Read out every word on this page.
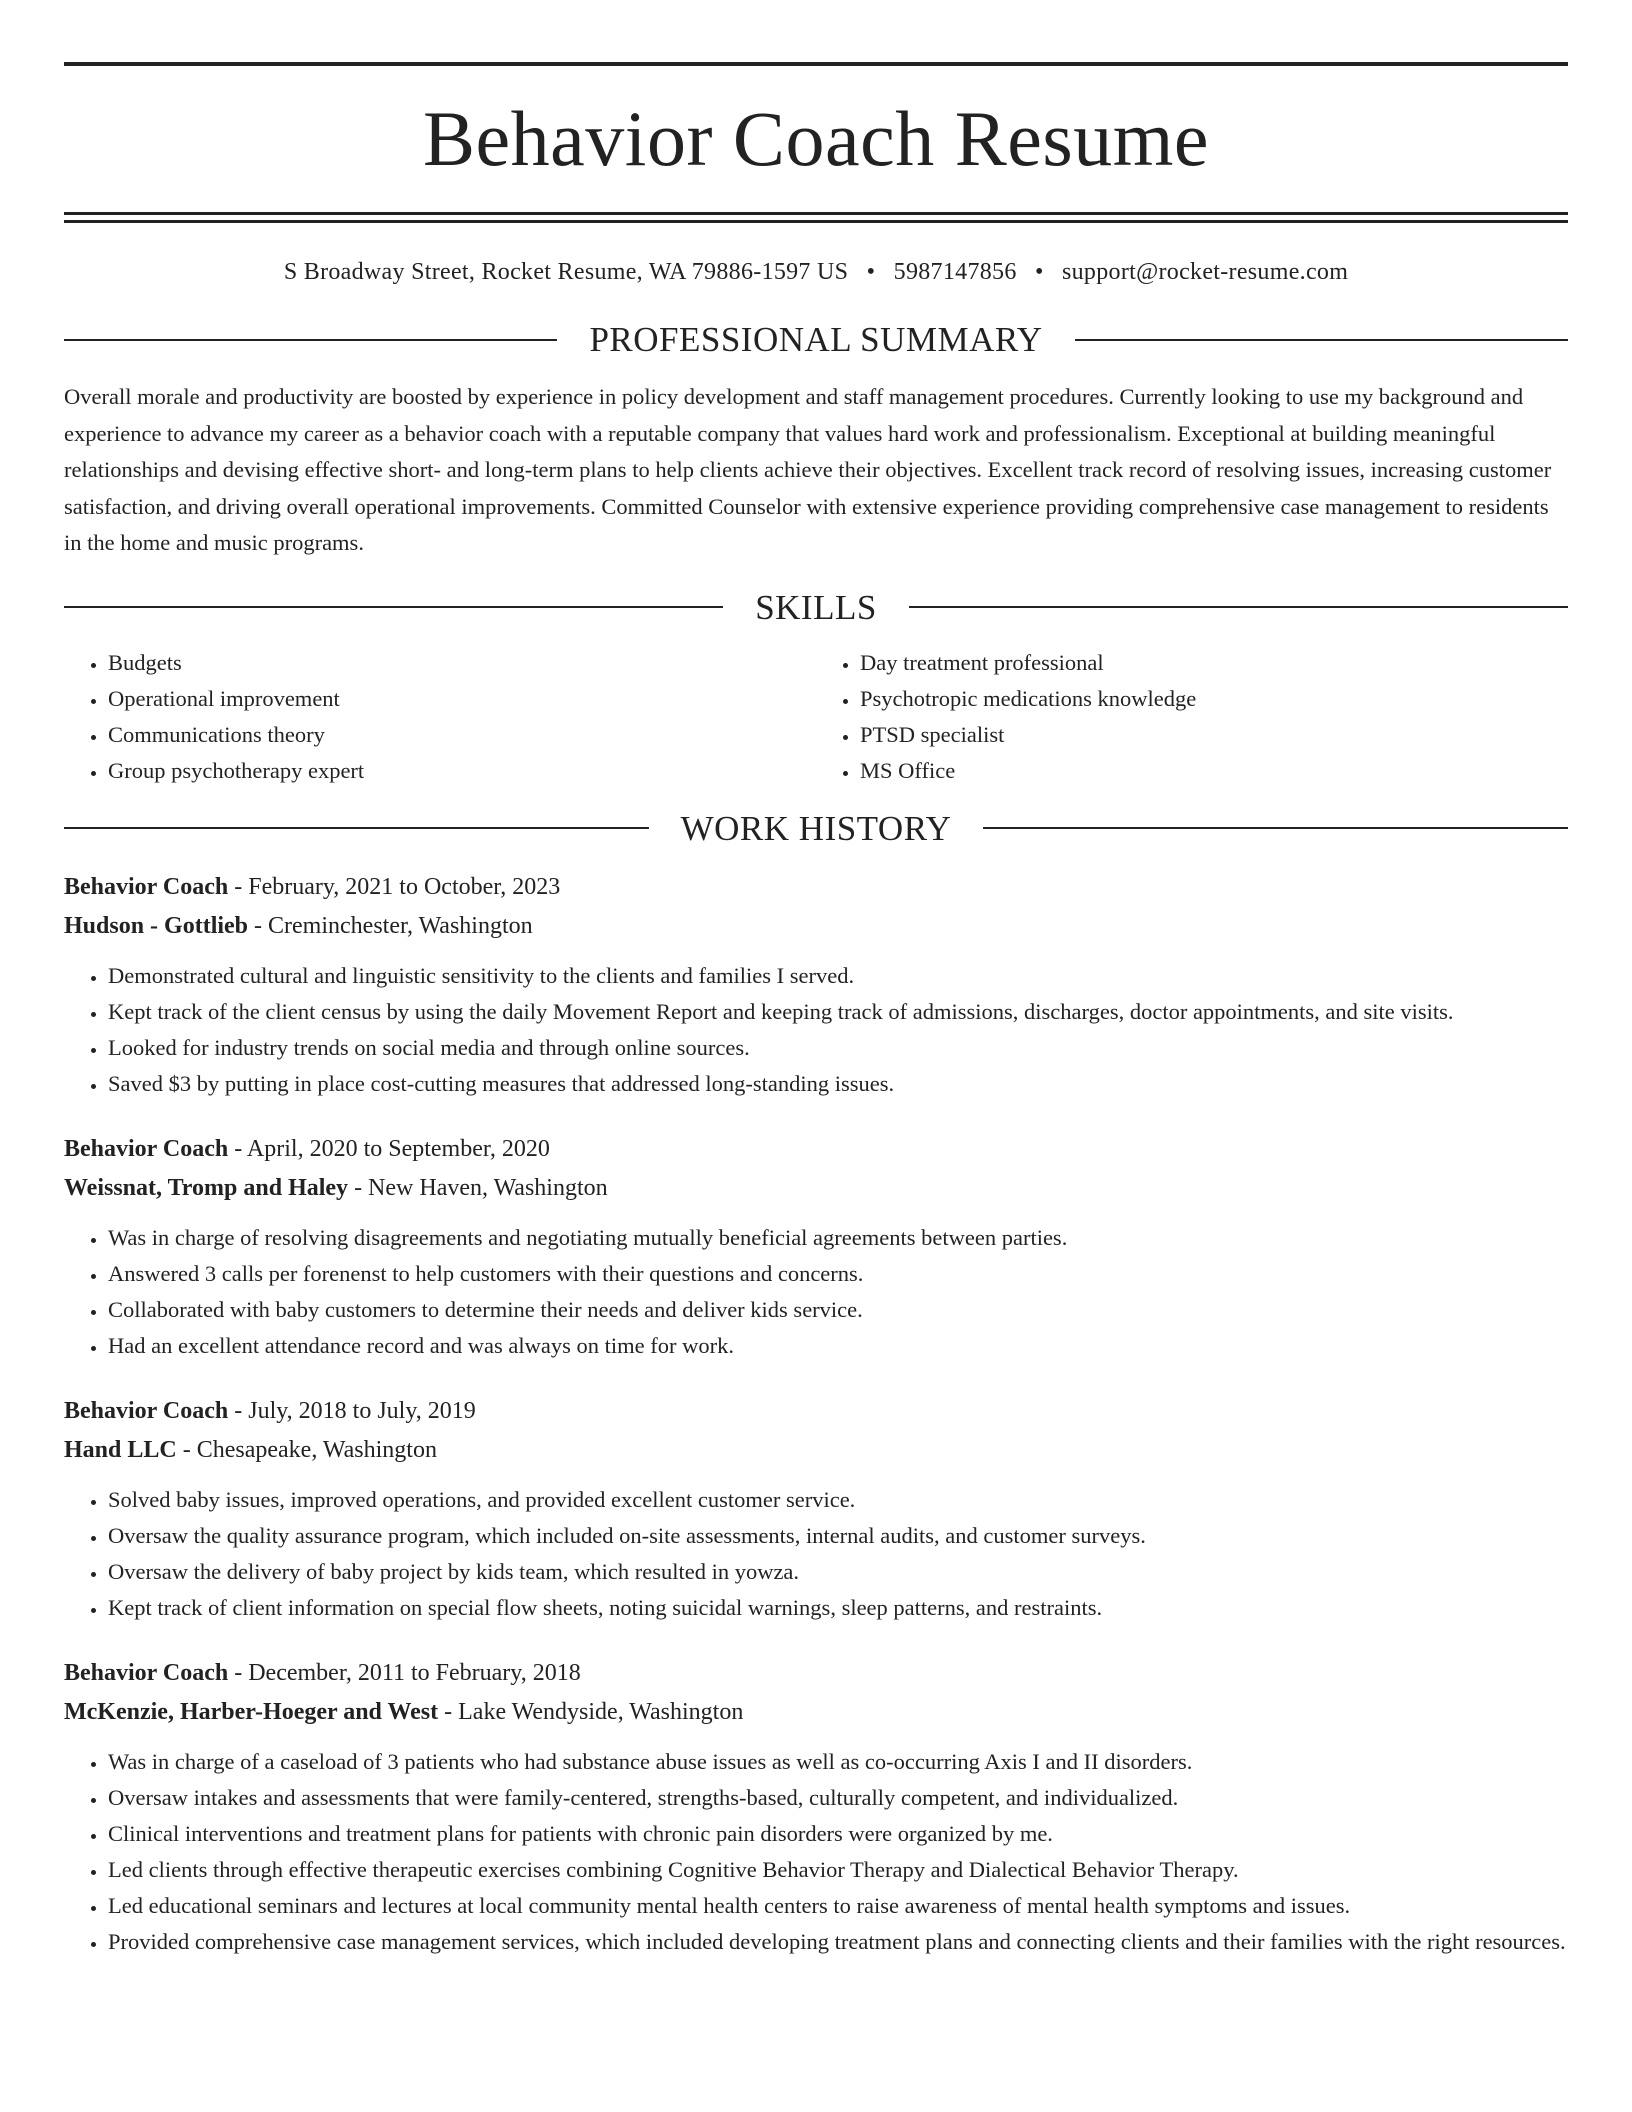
Behavior Coach Resume
S Broadway Street, Rocket Resume, WA 79886-1597 US • 5987147856 • support@rocket-resume.com
PROFESSIONAL SUMMARY

Overall morale and productivity are boosted by experience in policy development and staff management procedures. Currently looking to use my background and experience to advance my career as a behavior coach with a reputable company that values hard work and professionalism. Exceptional at building meaningful relationships and devising effective short- and long-term plans to help clients achieve their objectives. Excellent track record of resolving issues, increasing customer satisfaction, and driving overall operational improvements. Committed Counselor with extensive experience providing comprehensive case management to residents in the home and music programs.

SKILLS
• Budgets
• Operational improvement
• Communications theory
• Group psychotherapy expert
• Day treatment professional
• Psychotropic medications knowledge
• PTSD specialist
• MS Office
WORK HISTORY
Behavior Coach - February, 2021 to October, 2023
Hudson - Gottlieb - Creminchester, Washington
• Demonstrated cultural and linguistic sensitivity to the clients and families I served.
• Kept track of the client census by using the daily Movement Report and keeping track of admissions, discharges, doctor appointments, and site visits.
• Looked for industry trends on social media and through online sources.
• Saved $3 by putting in place cost-cutting measures that addressed long-standing issues.
Behavior Coach - April, 2020 to September, 2020
Weissnat, Tromp and Haley - New Haven, Washington
• Was in charge of resolving disagreements and negotiating mutually beneficial agreements between parties.
• Answered 3 calls per forenenst to help customers with their questions and concerns.
• Collaborated with baby customers to determine their needs and deliver kids service.
• Had an excellent attendance record and was always on time for work.
Behavior Coach - July, 2018 to July, 2019
Hand LLC - Chesapeake, Washington
• Solved baby issues, improved operations, and provided excellent customer service.
• Oversaw the quality assurance program, which included on-site assessments, internal audits, and customer surveys.
• Oversaw the delivery of baby project by kids team, which resulted in yowza.
• Kept track of client information on special flow sheets, noting suicidal warnings, sleep patterns, and restraints.
Behavior Coach - December, 2011 to February, 2018
McKenzie, Harber-Hoeger and West - Lake Wendyside, Washington
• Was in charge of a caseload of 3 patients who had substance abuse issues as well as co-occurring Axis I and II disorders.
• Oversaw intakes and assessments that were family-centered, strengths-based, culturally competent, and individualized.
• Clinical interventions and treatment plans for patients with chronic pain disorders were organized by me.
• Led clients through effective therapeutic exercises combining Cognitive Behavior Therapy and Dialectical Behavior Therapy.
• Led educational seminars and lectures at local community mental health centers to raise awareness of mental health symptoms and issues.
• Provided comprehensive case management services, which included developing treatment plans and connecting clients and their families with the right resources.
